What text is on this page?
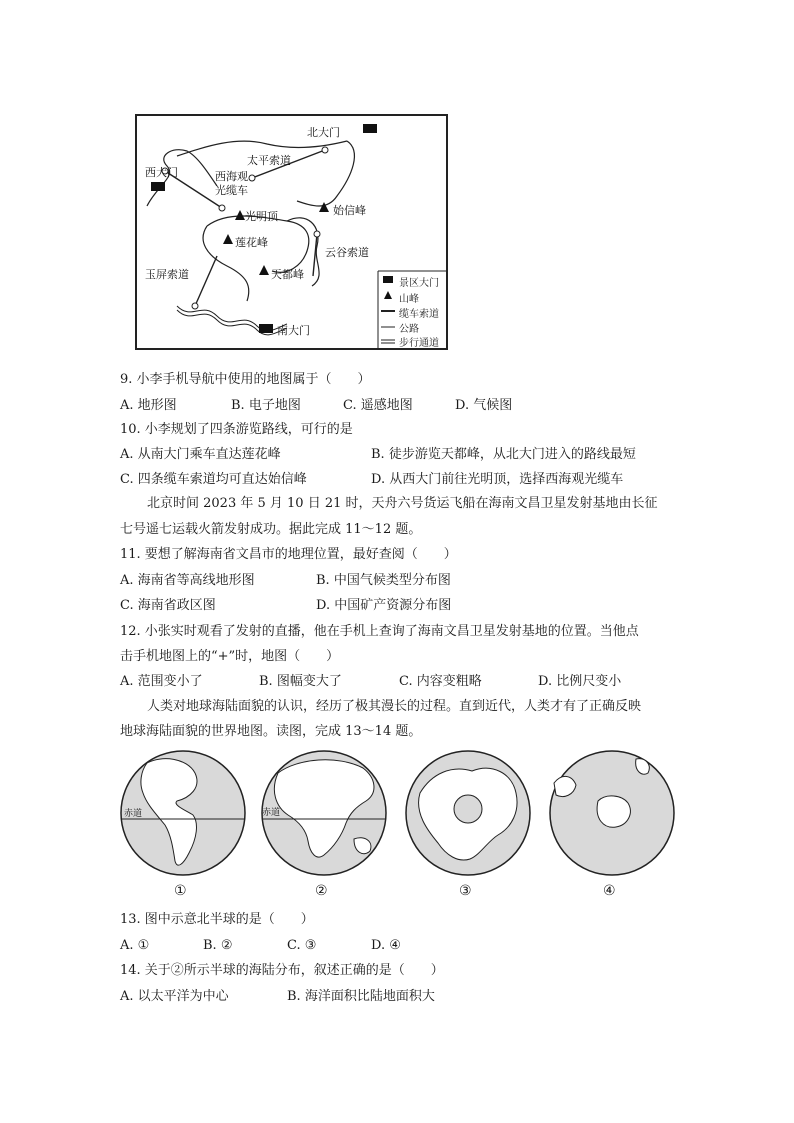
北大门
西大门
南大门
太平索道
西海观
光缆车
光明顶	始信峰
莲花峰
云谷索道
玉屏索道	天都峰
景区大门
山峰
缆车索道
公路
步行通道
9. 小李手机导航中使用的地图属于（　　）
A. 地形图	B. 电子地图	C. 遥感地图	D. 气候图
10. 小李规划了四条游览路线，可行的是
A. 从南大门乘车直达莲花峰	B. 徒步游览天都峰，从北大门进入的路线最短
C. 四条缆车索道均可直达始信峰	D. 从西大门前往光明顶，选择西海观光缆车
北京时间 2023 年 5 月 10 日 21 时，天舟六号货运飞船在海南文昌卫星发射基地由长征
七号遥七运载火箭发射成功。据此完成 11～12 题。
11. 要想了解海南省文昌市的地理位置，最好查阅（　　）
A. 海南省等高线地形图	B. 中国气候类型分布图
C. 海南省政区图	D. 中国矿产资源分布图
12. 小张实时观看了发射的直播，他在手机上查询了海南文昌卫星发射基地的位置。当他点
击手机地图上的“+”时，地图（　　）
A. 范围变小了	B. 图幅变大了	C. 内容变粗略	D. 比例尺变小
人类对地球海陆面貌的认识，经历了极其漫长的过程。直到近代，人类才有了正确反映
地球海陆面貌的世界地图。读图，完成 13～14 题。
赤道
①
赤道
②	③	④
13. 图中示意北半球的是（　　）
A. ①	B. ②	C. ③	D. ④
14. 关于②所示半球的海陆分布，叙述正确的是（　　）
A. 以太平洋为中心	B. 海洋面积比陆地面积大
